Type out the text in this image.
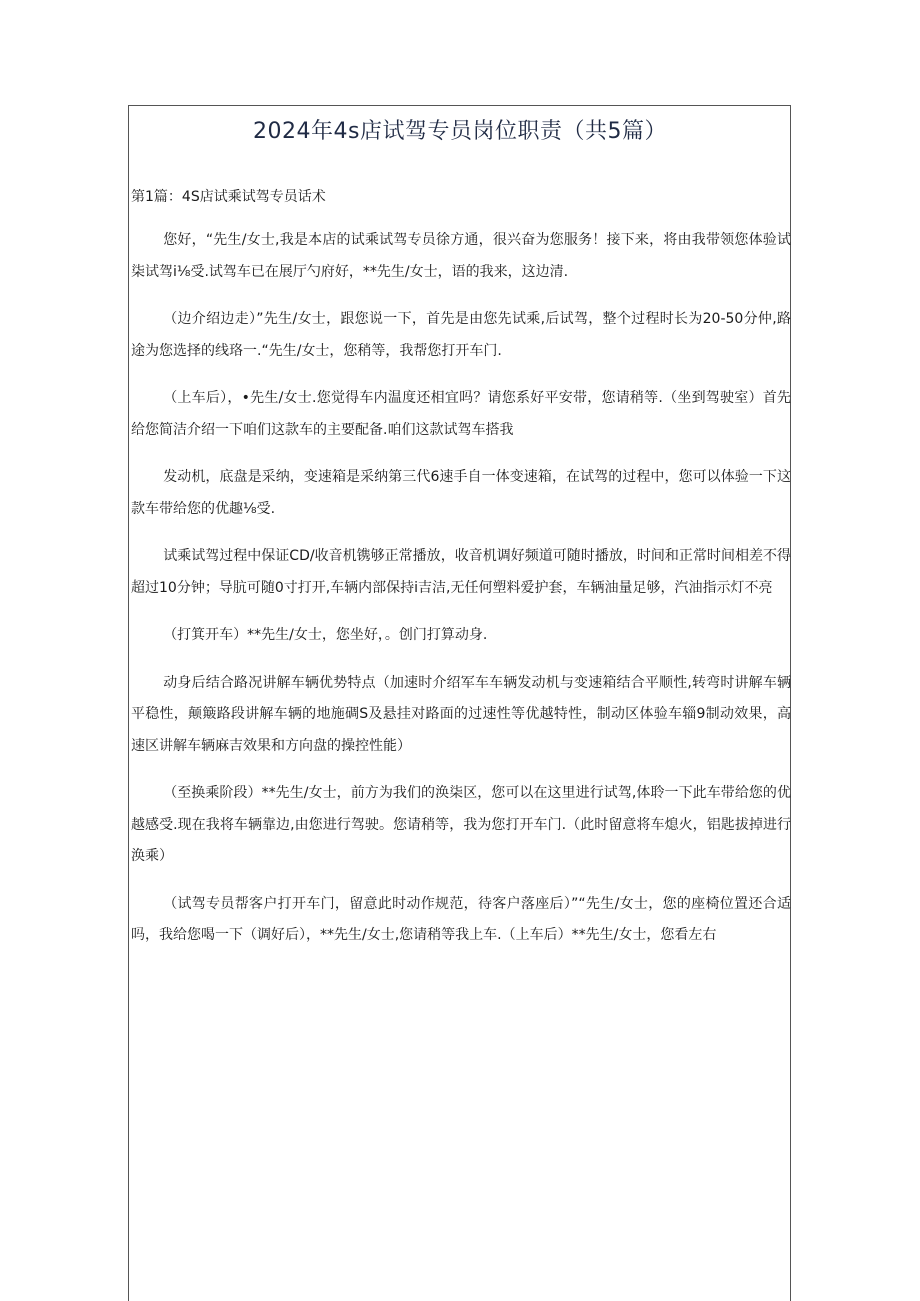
2024年4s店试驾专员岗位职责（共5篇）
第1篇：4S店试乘试驾专员话术

您好，“先生/女士,我是本店的试乘试驾专员徐方通，很兴奋为您服务！接下来，将由我带领您体验试柒试驾i⅛受.试驾车已在展厅勺府好，**先生/女士，语的我来，这边清.

（边介绍边走）”先生/女士，跟您说一下，首先是由您先试乘,后试驾，整个过程时长为20-50分仲,路途为您选择的线珞一.“先生/女士，您稍等，我帮您打开车门.

（上车后），•先生/女士.您觉得车内温度还相宜吗？请您系好平安带，您请稍等.（坐到驾驶室）首先给您简洁介绍一下咱们这款车的主要配备.咱们这款试驾车搭我

发动机，底盘是采纳，变速箱是采纳第三代6速手自一体变速箱，在试驾的过程中，您可以体验一下这款车带给您的优趣⅛受.

试乘试驾过程中保证CD/收音机镌够正常播放，收音机调好频道可随时播放，时间和正常时间相差不得超过10分钟；导肮可随0寸打开,车辆内部保持i吉洁,无任何塑料爱护套，车辆油量足够，汽油指示灯不亮

（打箕开车）**先生/女士，您坐好，。创门打算动身.

动身后结合路况讲解车辆优势特点（加速时介绍军车车辆发动机与变速箱结合平顺性,转弯时讲解车辆平稳性，颠簸路段讲解车辆的地施碉S及悬挂对路面的过速性等优越特性，制动区体验车辎9制动效果，高速区讲解车辆麻吉效果和方向盘的操控性能）

（至换乘阶段）**先生/女士，前方为我们的涣柒区，您可以在这里进行试驾,体聆一下此车带给您的优越感受.现在我将车辆靠边,由您进行驾驶。您请稍等，我为您打开车门.（此时留意将车熄火，铝匙拔掉进行涣乘）

（试驾专员帮客户打开车门，留意此时动作规范，待客户落座后）”“先生/女士，您的座椅位置还合适吗，我给您喝一下（调好后），**先生/女士,您请稍等我上车.（上车后）**先生/女士，您看左右
